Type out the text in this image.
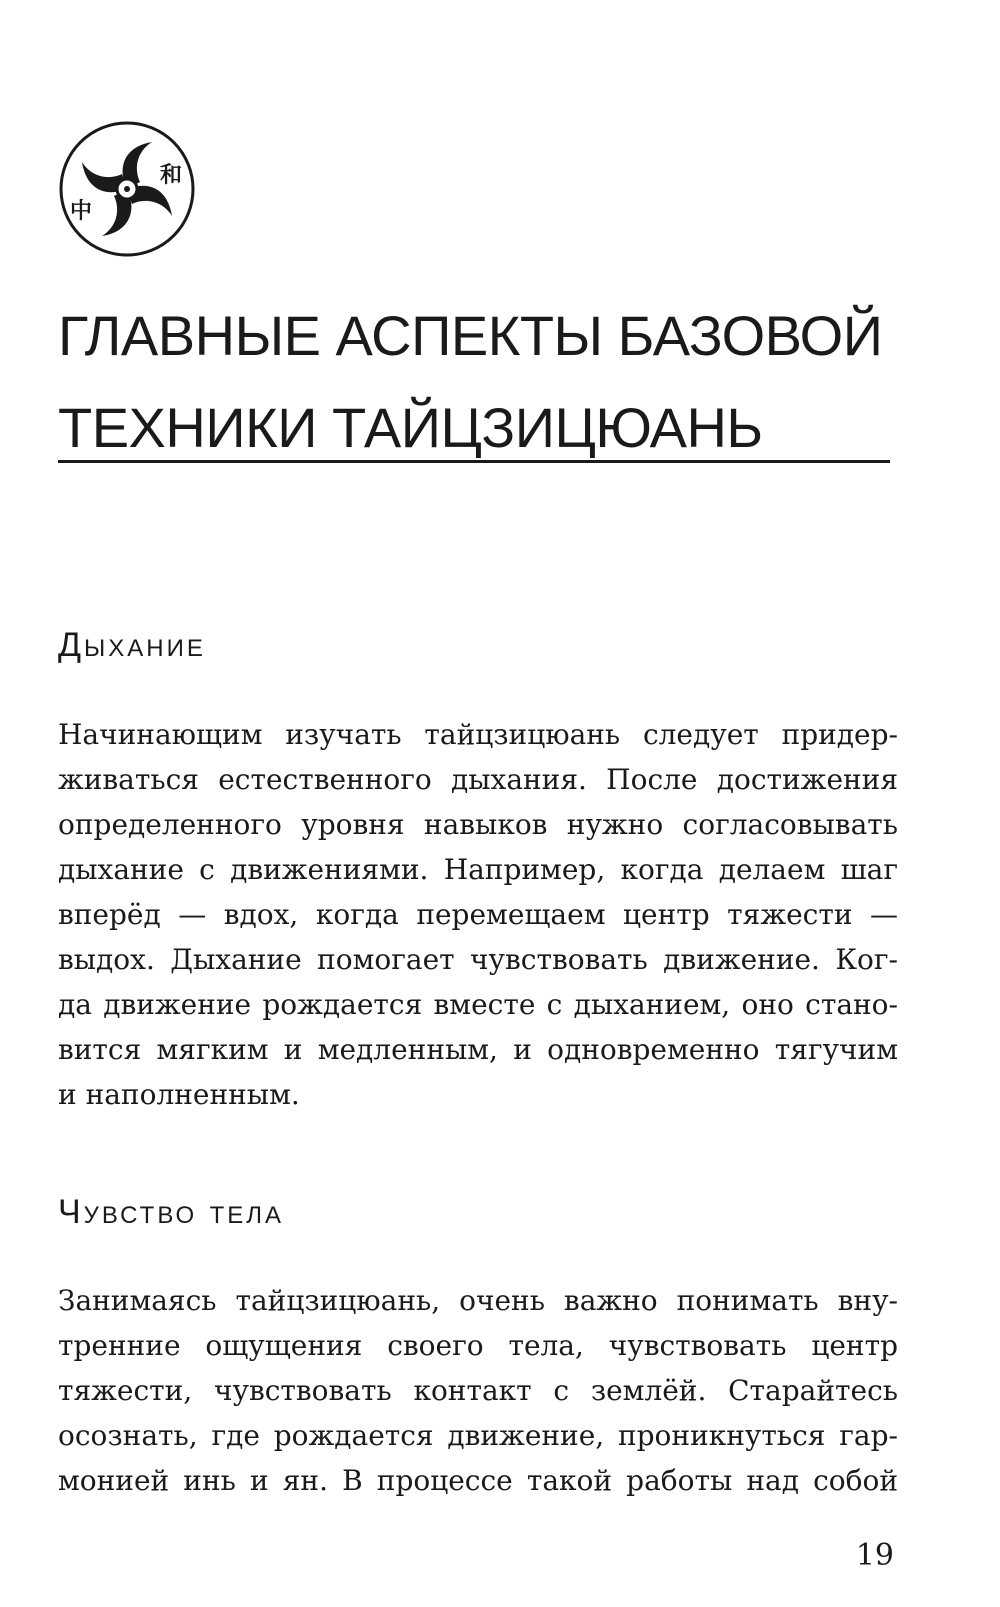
和
中
ГЛАВНЫЕ АСПЕКТЫ БАЗОВОЙ
ТЕХНИКИ ТАЙЦЗИЦЮАНЬ
Дыхание
Начинающим изучать тайцзицюань следует придер-
живаться естественного дыхания. После достижения
определенного уровня навыков нужно согласовывать
дыхание с движениями. Например, когда делаем шаг
вперёд — вдох, когда перемещаем центр тяжести —
выдох. Дыхание помогает чувствовать движение. Ког-
да движение рождается вместе с дыханием, оно стано-
вится мягким и медленным, и одновременно тягучим
и наполненным.
Чувство тела
Занимаясь тайцзицюань, очень важно понимать вну-
тренние ощущения своего тела, чувствовать центр
тяжести, чувствовать контакт с землёй. Старайтесь
осознать, где рождается движение, проникнуться гар-
монией инь и ян. В процессе такой работы над собой
19
